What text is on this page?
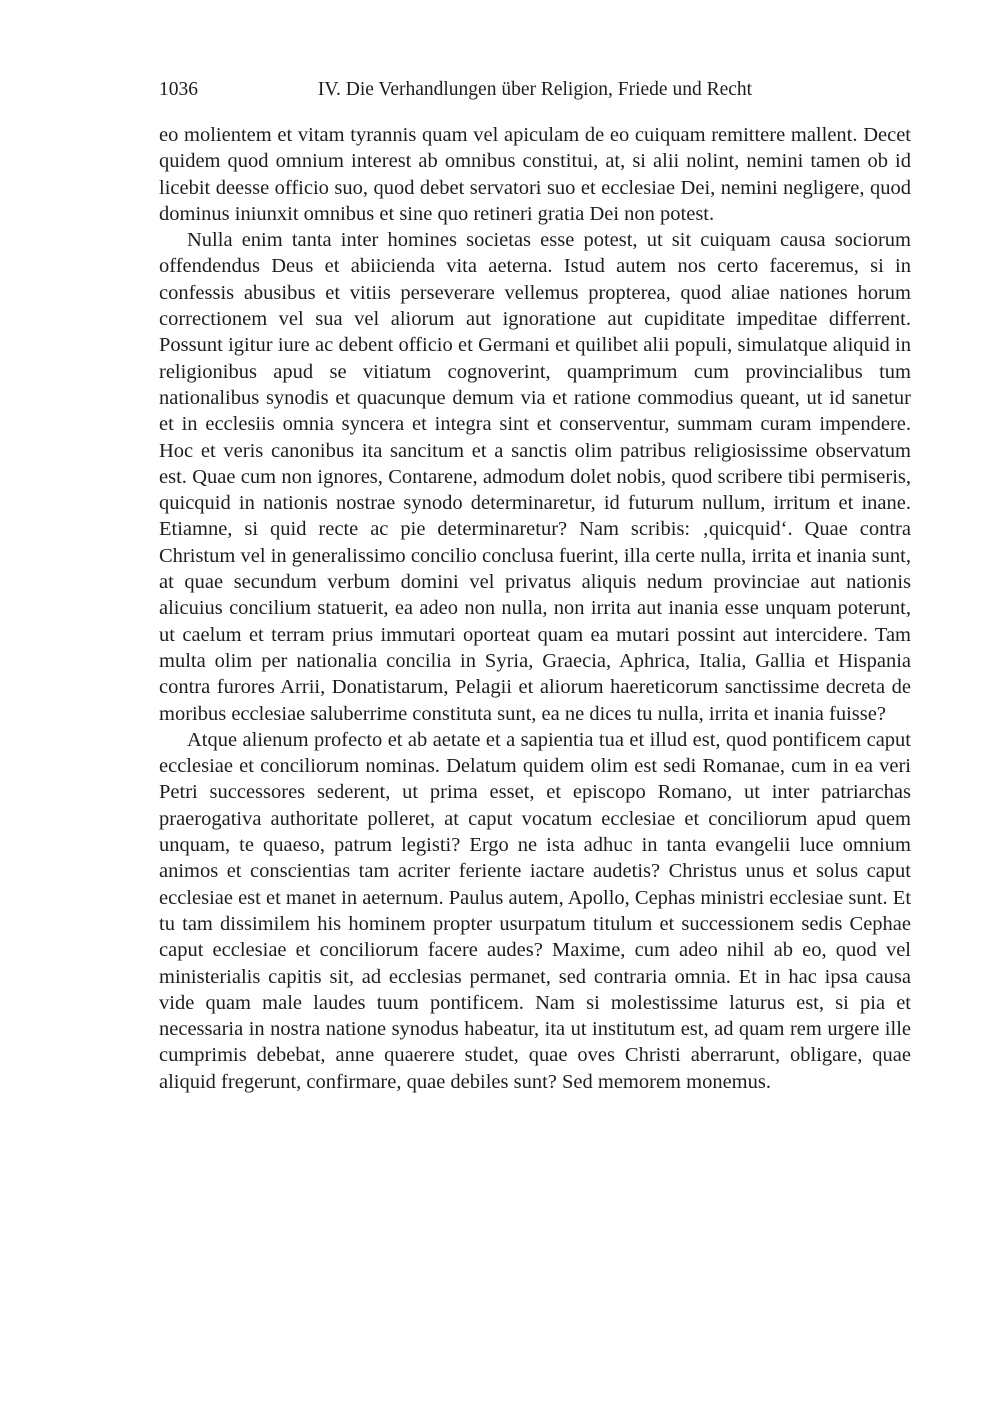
1036	IV. Die Verhandlungen über Religion, Friede und Recht

eo molientem et vitam tyrannis quam vel apiculam de eo cuiquam remittere mallent. Decet quidem quod omnium interest ab omnibus constitui, at, si alii nolint, nemini tamen ob id licebit deesse officio suo, quod debet servatori suo et ecclesiae Dei, nemini negligere, quod dominus iniunxit omnibus et sine quo retineri gratia Dei non potest.

Nulla enim tanta inter homines societas esse potest, ut sit cuiquam causa sociorum offendendus Deus et abiicienda vita aeterna. Istud autem nos certo faceremus, si in confessis abusibus et vitiis perseverare vellemus propterea, quod aliae nationes horum correctionem vel sua vel aliorum aut ignoratione aut cupiditate impeditae differrent. Possunt igitur iure ac debent officio et Germani et quilibet alii populi, simulatque aliquid in religionibus apud se vitiatum cognoverint, quamprimum cum provincialibus tum nationalibus synodis et quacunque demum via et ratione commodius queant, ut id sanetur et in ecclesiis omnia syncera et integra sint et conserventur, summam curam impendere. Hoc et veris canonibus ita sancitum et a sanctis olim patribus religiosissime observatum est. Quae cum non ignores, Contarene, admodum dolet nobis, quod scribere tibi permiseris, quicquid in nationis nostrae synodo determinaretur, id futurum nullum, irritum et inane. Etiamne, si quid recte ac pie determinaretur? Nam scribis: ‚quicquid‘. Quae contra Christum vel in generalissimo concilio conclusa fuerint, illa certe nulla, irrita et inania sunt, at quae secundum verbum domini vel privatus aliquis nedum provinciae aut nationis alicuius concilium statuerit, ea adeo non nulla, non irrita aut inania esse unquam poterunt, ut caelum et terram prius immutari oporteat quam ea mutari possint aut intercidere. Tam multa olim per nationalia concilia in Syria, Graecia, Aphrica, Italia, Gallia et Hispania contra furores Arrii, Donatistarum, Pelagii et aliorum haereticorum sanctissime decreta de moribus ecclesiae saluberrime constituta sunt, ea ne dices tu nulla, irrita et inania fuisse?

Atque alienum profecto et ab aetate et a sapientia tua et illud est, quod pontificem caput ecclesiae et conciliorum nominas. Delatum quidem olim est sedi Romanae, cum in ea veri Petri successores sederent, ut prima esset, et episcopo Romano, ut inter patriarchas praerogativa authoritate polleret, at caput vocatum ecclesiae et conciliorum apud quem unquam, te quaeso, patrum legisti? Ergo ne ista adhuc in tanta evangelii luce omnium animos et conscientias tam acriter feriente iactare audetis? Christus unus et solus caput ecclesiae est et manet in aeternum. Paulus autem, Apollo, Cephas ministri ecclesiae sunt. Et tu tam dissimilem his hominem propter usurpatum titulum et successionem sedis Cephae caput ecclesiae et conciliorum facere audes? Maxime, cum adeo nihil ab eo, quod vel ministerialis capitis sit, ad ecclesias permanet, sed contraria omnia. Et in hac ipsa causa vide quam male laudes tuum pontificem. Nam si molestissime laturus est, si pia et necessaria in nostra natione synodus habeatur, ita ut institutum est, ad quam rem urgere ille cumprimis debebat, anne quaerere studet, quae oves Christi aberrarunt, obligare, quae aliquid fregerunt, confirmare, quae debiles sunt? Sed memorem monemus.
